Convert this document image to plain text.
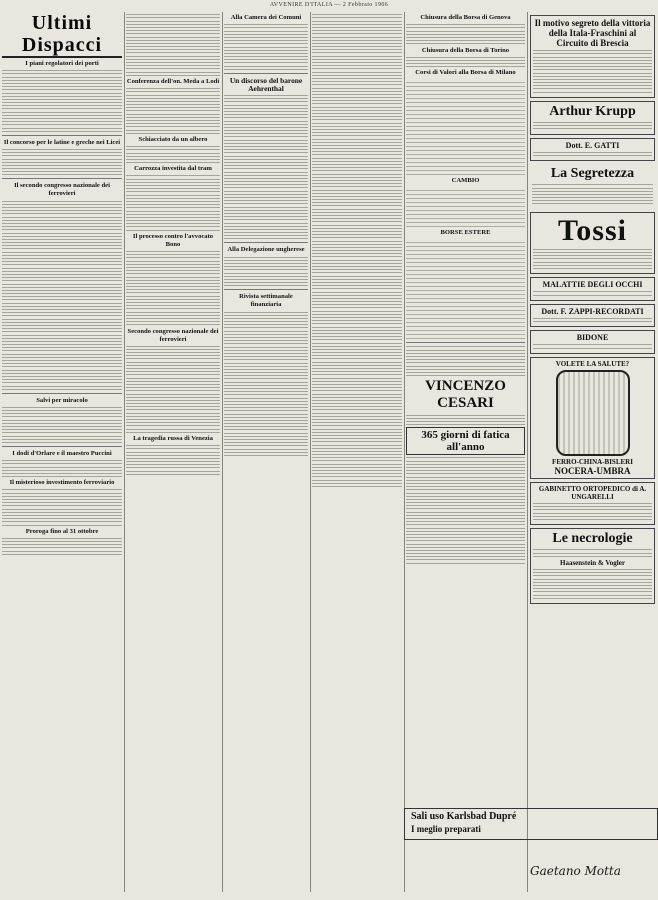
AVVENIRE D'ITALIA — 2 Febbraio 1906
Ultimi Dispacci
I piani regolatori dei porti
Il concorso per le latine e greche nei Licei
Il secondo congresso nazionale dei ferrovieri
Salvi per miracolo
I dodi d'Orlare e il maestro Puccini
Il misterioso investimento ferroviario
Proroga fino al 31 ottobre
Conferenza dell'on. Meda a Lodi
Schiacciato da un albero
Carrozza investita dal tram
Il processo contro l'avvocato Bono
Secondo congresso nazionale dei ferrovieri
La tragedia russa di Venezia
Alla Camera dei Comuni
Un discorso del barone Aehrenthal
Alla Delegazione ungherese
Rivista settimanale finanziaria
Chiusura della Borsa di Genova
Chiusura della Borsa di Torino
Corsi di Valori alla Borsa di Milano
CAMBIO
BORSE ESTERE
VINCENZO CESARI
365 giorni di fatica all'anno
Il motivo segreto della vittoria della Itala-Fraschini al Circuito di Brescia
Arthur Krupp
Dott. E. GATTI
La Segretezza
Tossi
MALATTIE DEGLI OCCHI
Dott. F. ZAPPI-RECORDATI
BIDONE
VOLETE LA SALUTE?
FERRO-CHINA-BISLERI
NOCERA-UMBRA
GABINETTO ORTOPEDICO di A. UNGARELLI
Le necrologie
Haasenstein & Vogler
Sali uso Karlsbad Dupré
I meglio preparati
Gaetano Motta
